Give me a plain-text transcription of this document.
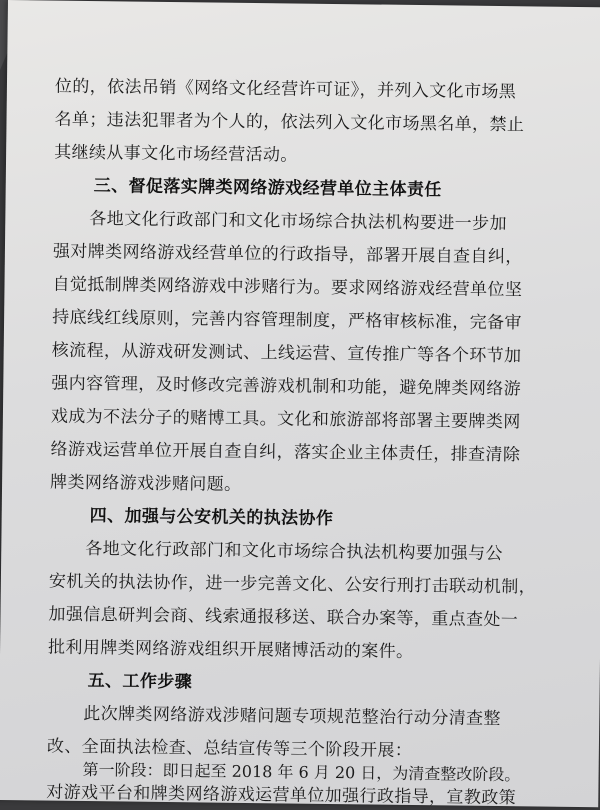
位的，依法吊销《网络文化经营许可证》，并列入文化市场黑

名单；违法犯罪者为个人的，依法列入文化市场黑名单，禁止

其继续从事文化市场经营活动。

三、督促落实牌类网络游戏经营单位主体责任

各地文化行政部门和文化市场综合执法机构要进一步加

强对牌类网络游戏经营单位的行政指导，部署开展自查自纠，

自觉抵制牌类网络游戏中涉赌行为。要求网络游戏经营单位坚

持底线红线原则，完善内容管理制度，严格审核标准，完备审

核流程，从游戏研发测试、上线运营、宣传推广等各个环节加

强内容管理，及时修改完善游戏机制和功能，避免牌类网络游

戏成为不法分子的赌博工具。文化和旅游部将部署主要牌类网

络游戏运营单位开展自查自纠，落实企业主体责任，排查清除

牌类网络游戏涉赌问题。

四、加强与公安机关的执法协作

各地文化行政部门和文化市场综合执法机构要加强与公

安机关的执法协作，进一步完善文化、公安行刑打击联动机制，

加强信息研判会商、线索通报移送、联合办案等，重点查处一

批利用牌类网络游戏组织开展赌博活动的案件。

五、工作步骤

此次牌类网络游戏涉赌问题专项规范整治行动分清查整

改、全面执法检查、总结宣传等三个阶段开展：

第一阶段：即日起至 2018 年 6 月 20 日，为清查整改阶段。

对游戏平台和牌类网络游戏运营单位加强行政指导，宣教政策
